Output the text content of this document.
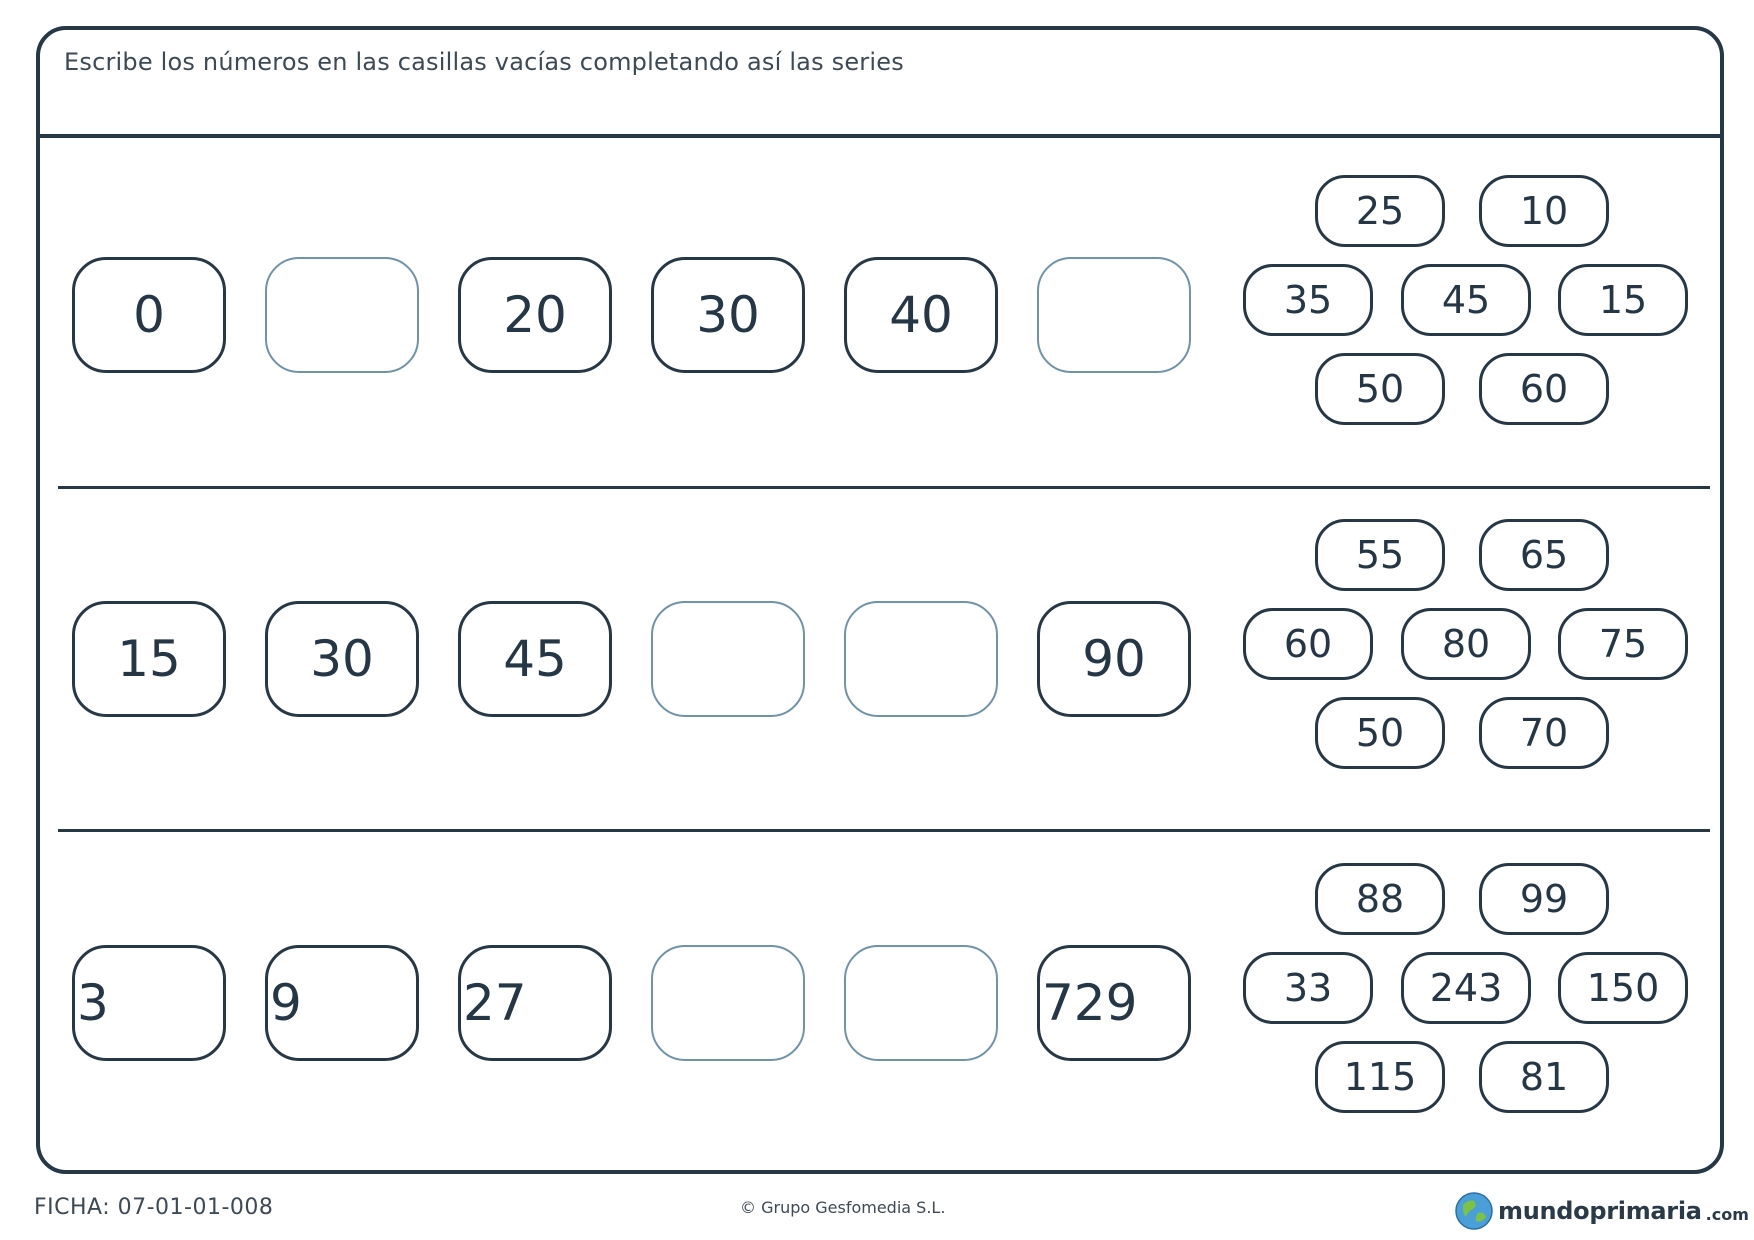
Escribe los números en las casillas vacías completando así las series
0	20	30	40
25	10
35	45	15
50	60
15	30	45	90
55	65
60	80	75
50	70
3	9	27	729
88	99
33	243	150
115	81
FICHA: 07-01-01-008	© Grupo Gesfomedia S.L.	mundoprimaria .com
